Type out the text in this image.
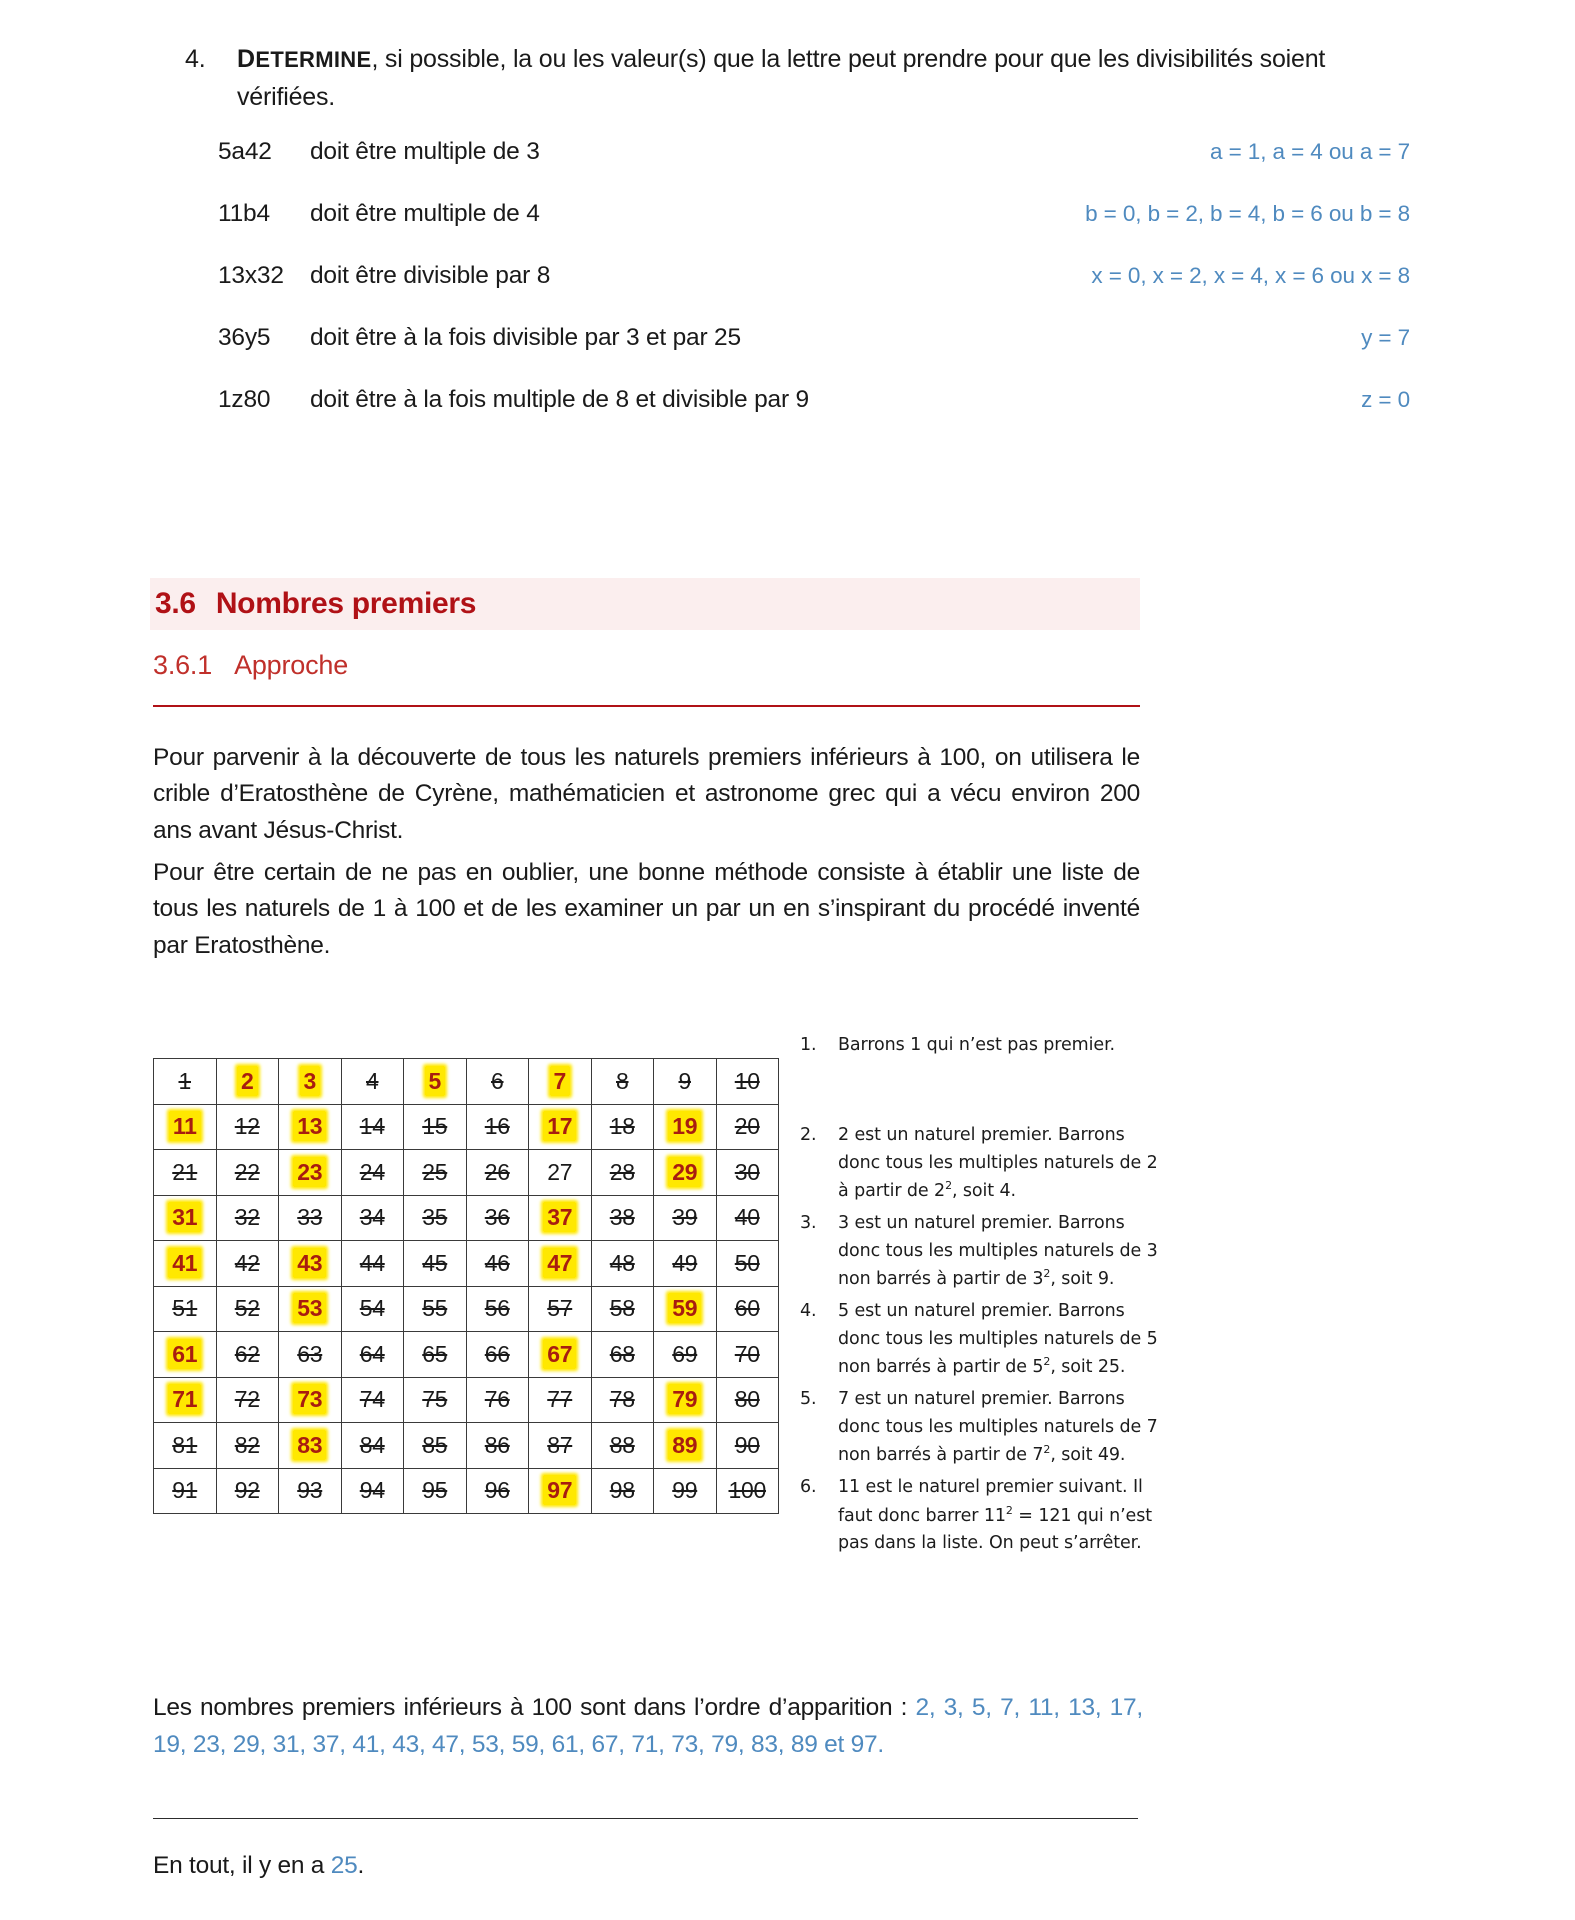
4.	DETERMINE, si possible, la ou les valeur(s) que la lettre peut prendre pour que les divisibilités soient vérifiées.
5a42	doit être multiple de 3	a = 1, a = 4 ou a = 7
11b4	doit être multiple de 4	b = 0, b = 2, b = 4, b = 6 ou b = 8
13x32	doit être divisible par 8	x = 0, x = 2, x = 4, x = 6 ou x = 8
36y5	doit être à la fois divisible par 3 et par 25	y = 7
1z80	doit être à la fois multiple de 8 et divisible par 9	z = 0
3.6 Nombres premiers
3.6.1 Approche
Pour parvenir à la découverte de tous les naturels premiers inférieurs à 100, on utilisera le crible d’Eratosthène de Cyrène, mathématicien et astronome grec qui a vécu environ 200 ans avant Jésus-Christ.
Pour être certain de ne pas en oublier, une bonne méthode consiste à établir une liste de tous les naturels de 1 à 100 et de les examiner un par un en s’inspirant du procédé inventé par Eratosthène.
1	2	3	4	5	6	7	8	9	10
11	12	13	14	15	16	17	18	19	20
21	22	23	24	25	26	27	28	29	30
31	32	33	34	35	36	37	38	39	40
41	42	43	44	45	46	47	48	49	50
51	52	53	54	55	56	57	58	59	60
61	62	63	64	65	66	67	68	69	70
71	72	73	74	75	76	77	78	79	80
81	82	83	84	85	86	87	88	89	90
91	92	93	94	95	96	97	98	99	100
1.	Barrons 1 qui n’est pas premier.
2.	2 est un naturel premier. Barrons donc tous les multiples naturels de 2 à partir de $2^2$, soit 4.
3.	3 est un naturel premier. Barrons donc tous les multiples naturels de 3 non barrés à partir de $3^2$, soit 9.
4.	5 est un naturel premier. Barrons donc tous les multiples naturels de 5 non barrés à partir de $5^2$, soit 25.
5.	7 est un naturel premier. Barrons donc tous les multiples naturels de 7 non barrés à partir de $7^2$, soit 49.
6.	11 est le naturel premier suivant. Il faut donc barrer $11^2 = 121$ qui n’est pas dans la liste. On peut s’arrêter.
Les nombres premiers inférieurs à 100 sont dans l’ordre d’apparition : 2, 3, 5, 7, 11, 13, 17, 19, 23, 29, 31, 37, 41, 43, 47, 53, 59, 61, 67, 71, 73, 79, 83, 89 et 97.
En tout, il y en a 25.
